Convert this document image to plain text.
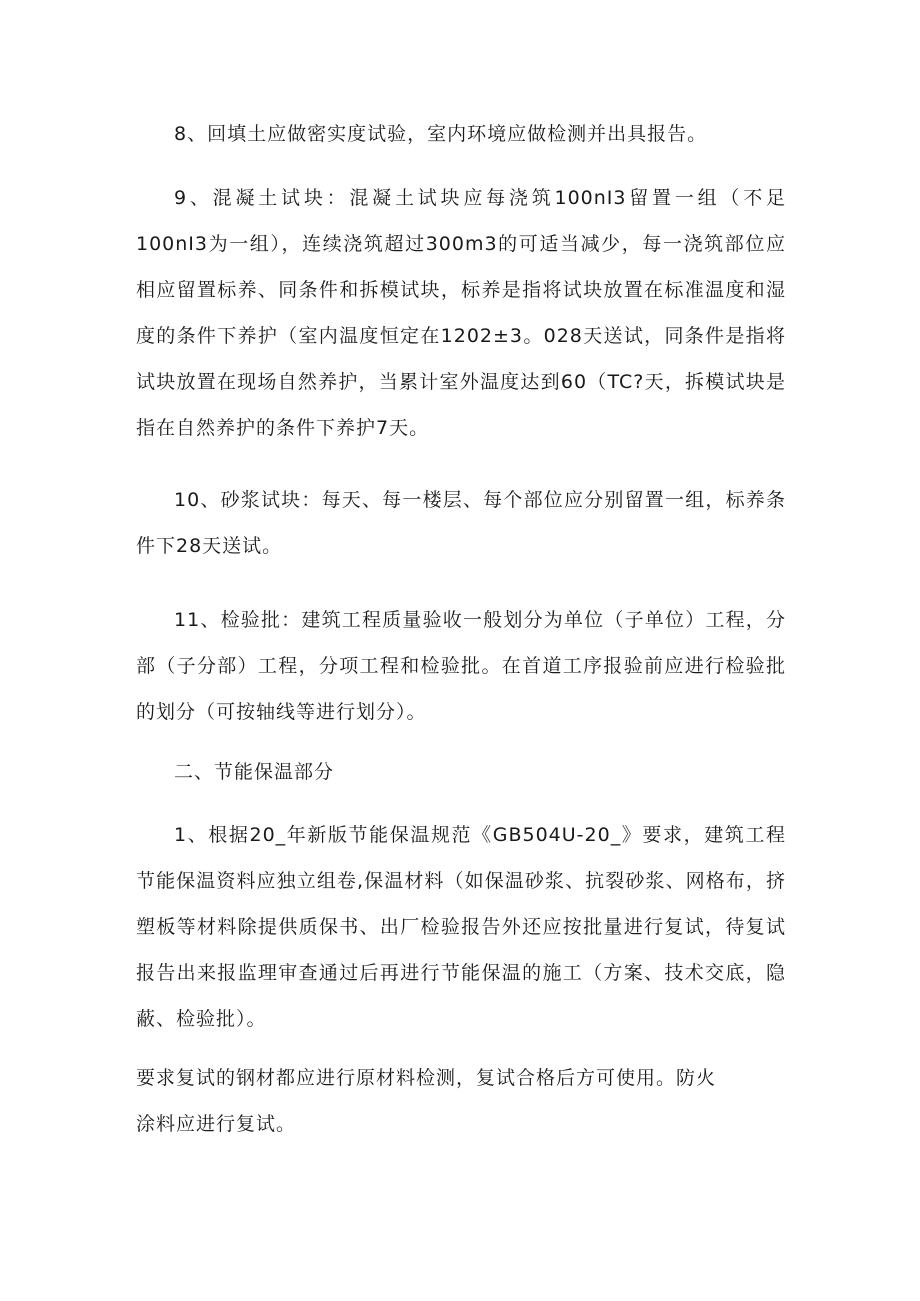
8、回填土应做密实度试验，室内环境应做检测并出具报告。

9、混凝土试块：混凝土试块应每浇筑100nI3留置一组（不足100nI3为一组），连续浇筑超过300m3的可适当减少，每一浇筑部位应相应留置标养、同条件和拆模试块，标养是指将试块放置在标准温度和湿度的条件下养护（室内温度恒定在1202±3。028天送试，同条件是指将试块放置在现场自然养护，当累计室外温度达到60（TC?天，拆模试块是指在自然养护的条件下养护7天。

10、砂浆试块：每天、每一楼层、每个部位应分别留置一组，标养条件下28天送试。

11、检验批：建筑工程质量验收一般划分为单位（子单位）工程，分部（子分部）工程，分项工程和检验批。在首道工序报验前应进行检验批的划分（可按轴线等进行划分）。

二、节能保温部分

1、根据20_年新版节能保温规范《GB504U-20_》要求，建筑工程节能保温资料应独立组卷,保温材料（如保温砂浆、抗裂砂浆、网格布，挤塑板等材料除提供质保书、出厂检验报告外还应按批量进行复试，待复试报告出来报监理审查通过后再进行节能保温的施工（方案、技术交底，隐蔽、检验批）。

要求复试的钢材都应进行原材料检测，复试合格后方可使用。防火

涂料应进行复试。
